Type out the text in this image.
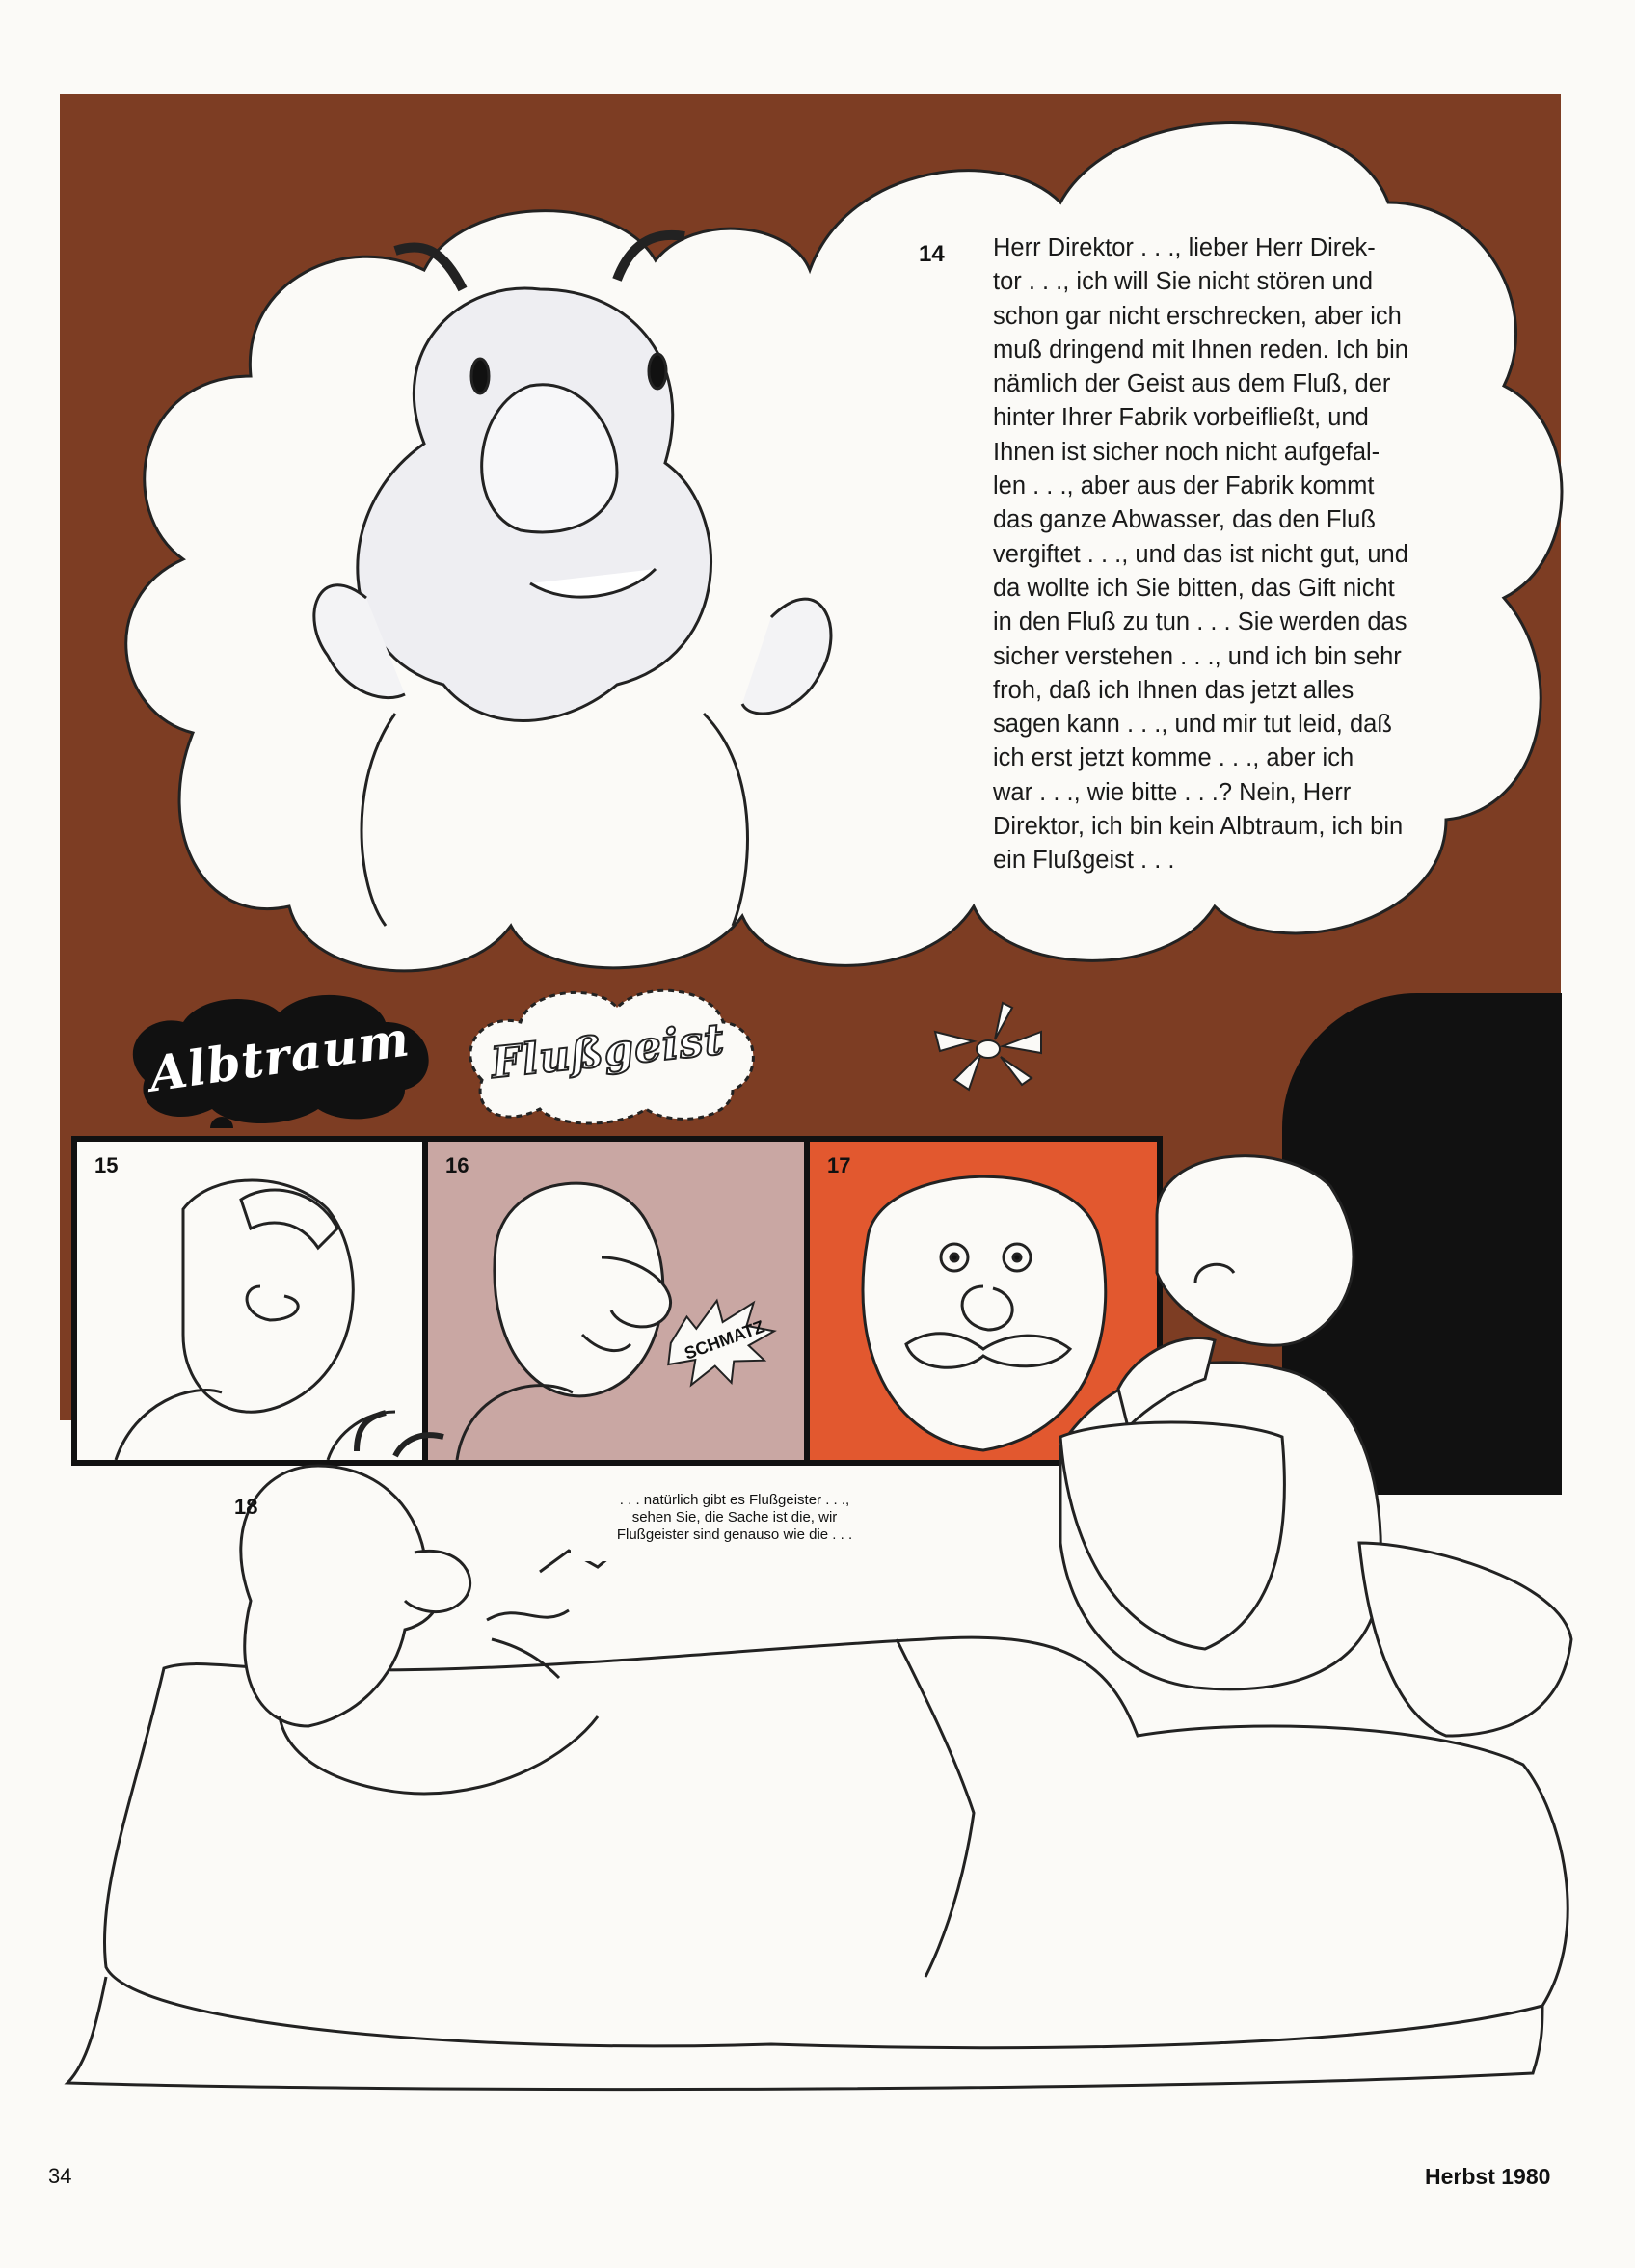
14 Herr Direktor . . ., lieber Herr Direk-
tor . . ., ich will Sie nicht stören und
schon gar nicht erschrecken, aber ich
muß dringend mit Ihnen reden. Ich bin
nämlich der Geist aus dem Fluß, der
hinter Ihrer Fabrik vorbeifließt, und
Ihnen ist sicher noch nicht aufgefal-
len . . ., aber aus der Fabrik kommt
das ganze Abwasser, das den Fluß
vergiftet . . ., und das ist nicht gut, und
da wollte ich Sie bitten, das Gift nicht
in den Fluß zu tun . . . Sie werden das
sicher verstehen . . ., und ich bin sehr
froh, daß ich Ihnen das jetzt alles
sagen kann . . ., und mir tut leid, daß
ich erst jetzt komme . . ., aber ich
war . . ., wie bitte . . .? Nein, Herr
Direktor, ich bin kein Albtraum, ich bin
ein Flußgeist . . .
Albtraum Flußgeist
15
SCHMATZ
16	17
18	. . . natürlich gibt es Flußgeister . . .,
sehen Sie, die Sache ist die, wir
Flußgeister sind genauso wie die . . .
34	Herbst 1980
